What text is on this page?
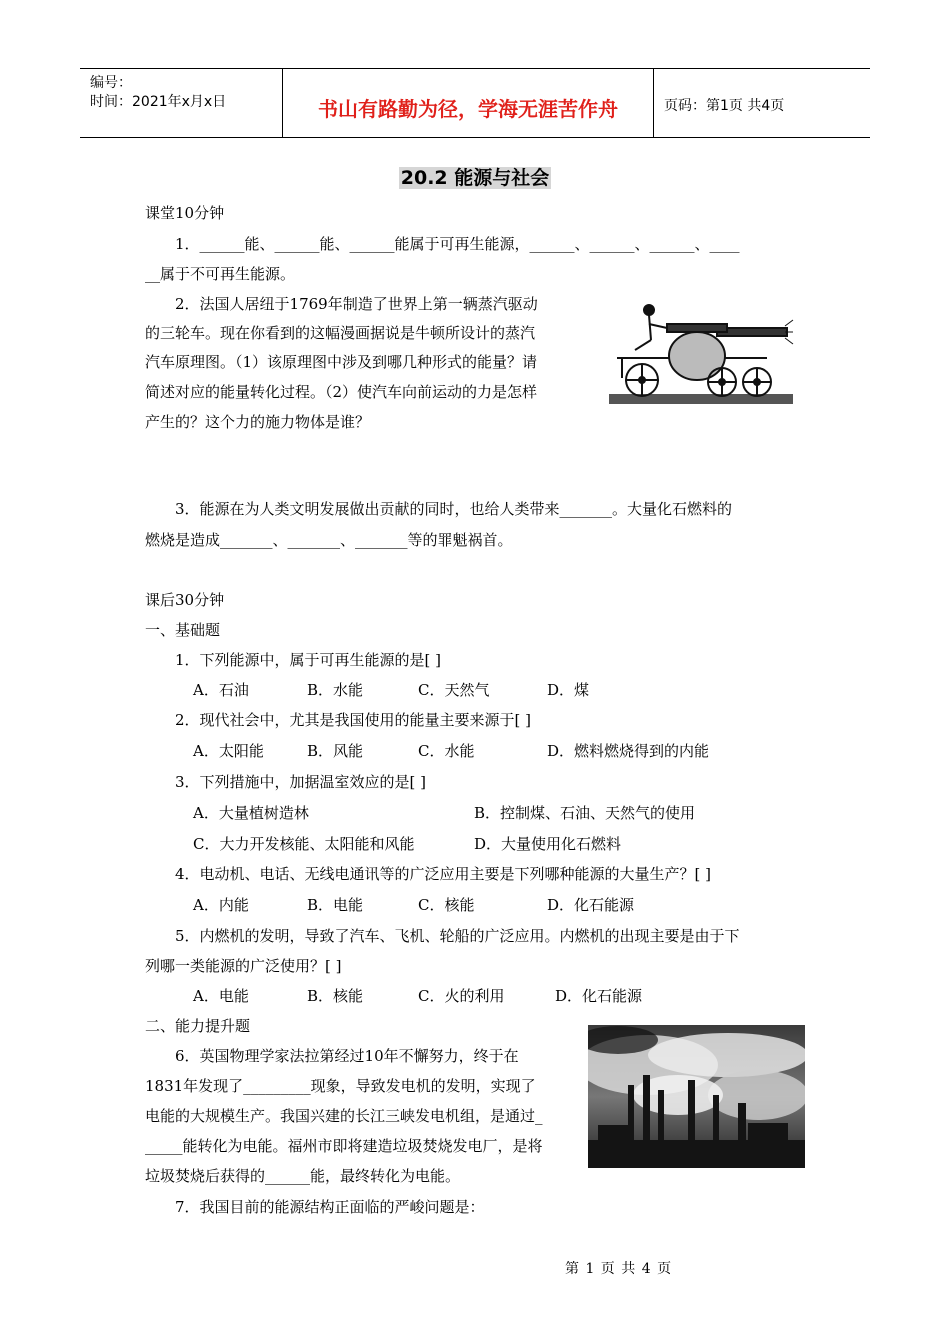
编号：
时间：2021年x月x日	书山有路勤为径，学海无涯苦作舟	页码：第1页 共4页
20.2 能源与社会
课堂10分钟
1．______能、______能、______能属于可再生能源，______、______、______、____
__属于不可再生能源。
2．法国人居纽于1769年制造了世界上第一辆蒸汽驱动
的三轮车。现在你看到的这幅漫画据说是牛顿所设计的蒸汽
汽车原理图。（1）该原理图中涉及到哪几种形式的能量？请
简述对应的能量转化过程。（2）使汽车向前运动的力是怎样
产生的？这个力的施力物体是谁？
3．能源在为人类文明发展做出贡献的同时，也给人类带来_______。大量化石燃料的
燃烧是造成_______、_______、_______等的罪魁祸首。
课后30分钟
一、基础题
1．下列能源中，属于可再生能源的是[ ]
A．石油	B．水能	C．天然气	D．煤
2．现代社会中，尤其是我国使用的能量主要来源于[ ]
A．太阳能	B．风能	C．水能	D．燃料燃烧得到的内能
3．下列措施中，加据温室效应的是[ ]
A．大量植树造林	B．控制煤、石油、天然气的使用
C．大力开发核能、太阳能和风能	D．大量使用化石燃料
4．电动机、电话、无线电通讯等的广泛应用主要是下列哪种能源的大量生产？[ ]
A．内能	B．电能	C．核能	D．化石能源
5．内燃机的发明，导致了汽车、飞机、轮船的广泛应用。内燃机的出现主要是由于下
列哪一类能源的广泛使用？[ ]
A．电能	B．核能	C．火的利用	D．化石能源
二、能力提升题
6．英国物理学家法拉第经过10年不懈努力，终于在
1831年发现了_________现象，导致发电机的发明，实现了
电能的大规模生产。我国兴建的长江三峡发电机组，是通过_
_____能转化为电能。福州市即将建造垃圾焚烧发电厂，是将
垃圾焚烧后获得的______能，最终转化为电能。
7．我国目前的能源结构正面临的严峻问题是：
第 1 页 共 4 页
